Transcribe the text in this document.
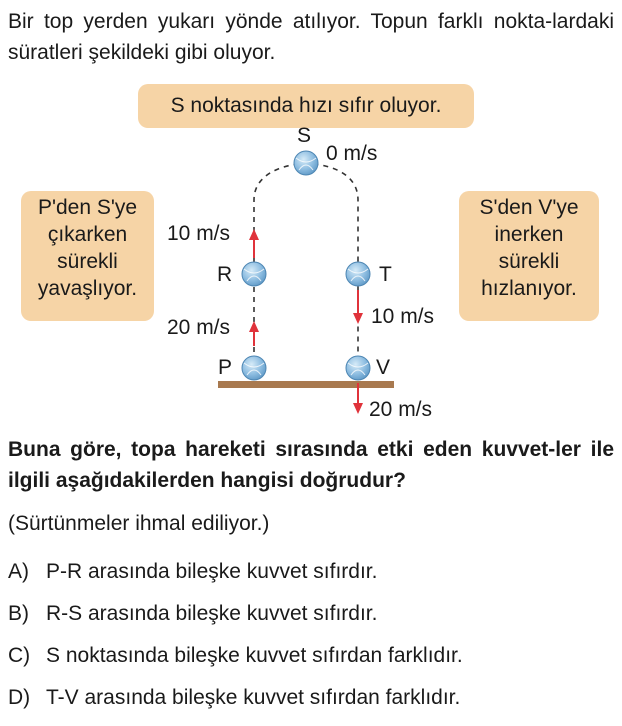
Bir top yerden yukarı yönde atılıyor. Topun farklı nokta-lardaki süratleri şekildeki gibi oluyor.
S noktasında hızı sıfır oluyor.
P'den S'ye
çıkarken
sürekli
yavaşlıyor.
S'den V'ye
inerken
sürekli
hızlanıyor.
S
R	T
P	V
0 m/s
10 m/s
20 m/s	10 m/s
20 m/s
Buna göre, topa hareketi sırasında etki eden kuvvet-ler ile ilgili aşağıdakilerden hangisi doğrudur?
(Sürtünmeler ihmal ediliyor.)
A) P-R arasında bileşke kuvvet sıfırdır.
B) R-S arasında bileşke kuvvet sıfırdır.
C) S noktasında bileşke kuvvet sıfırdan farklıdır.
D) T-V arasında bileşke kuvvet sıfırdan farklıdır.
